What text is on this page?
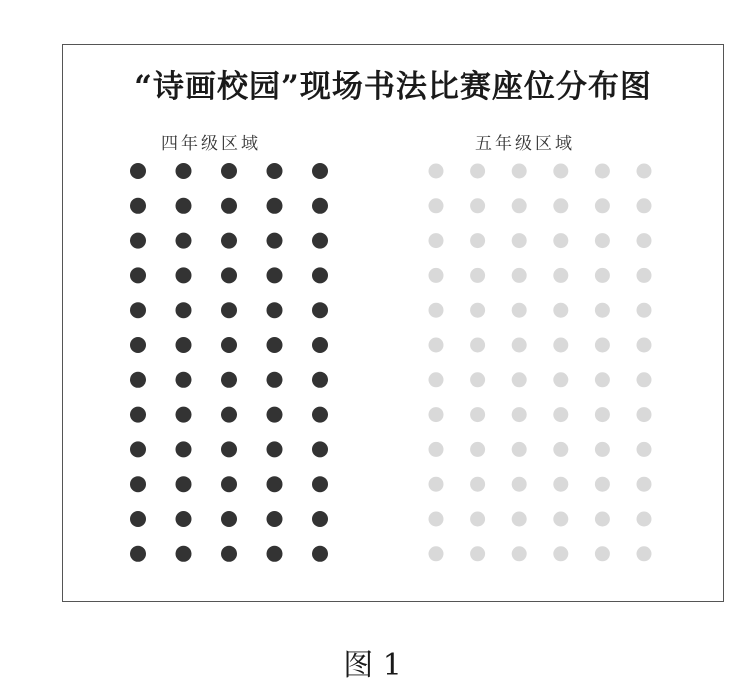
“诗画校园”现场书法比赛座位分布图
四年级区域	五年级区域
图 1
